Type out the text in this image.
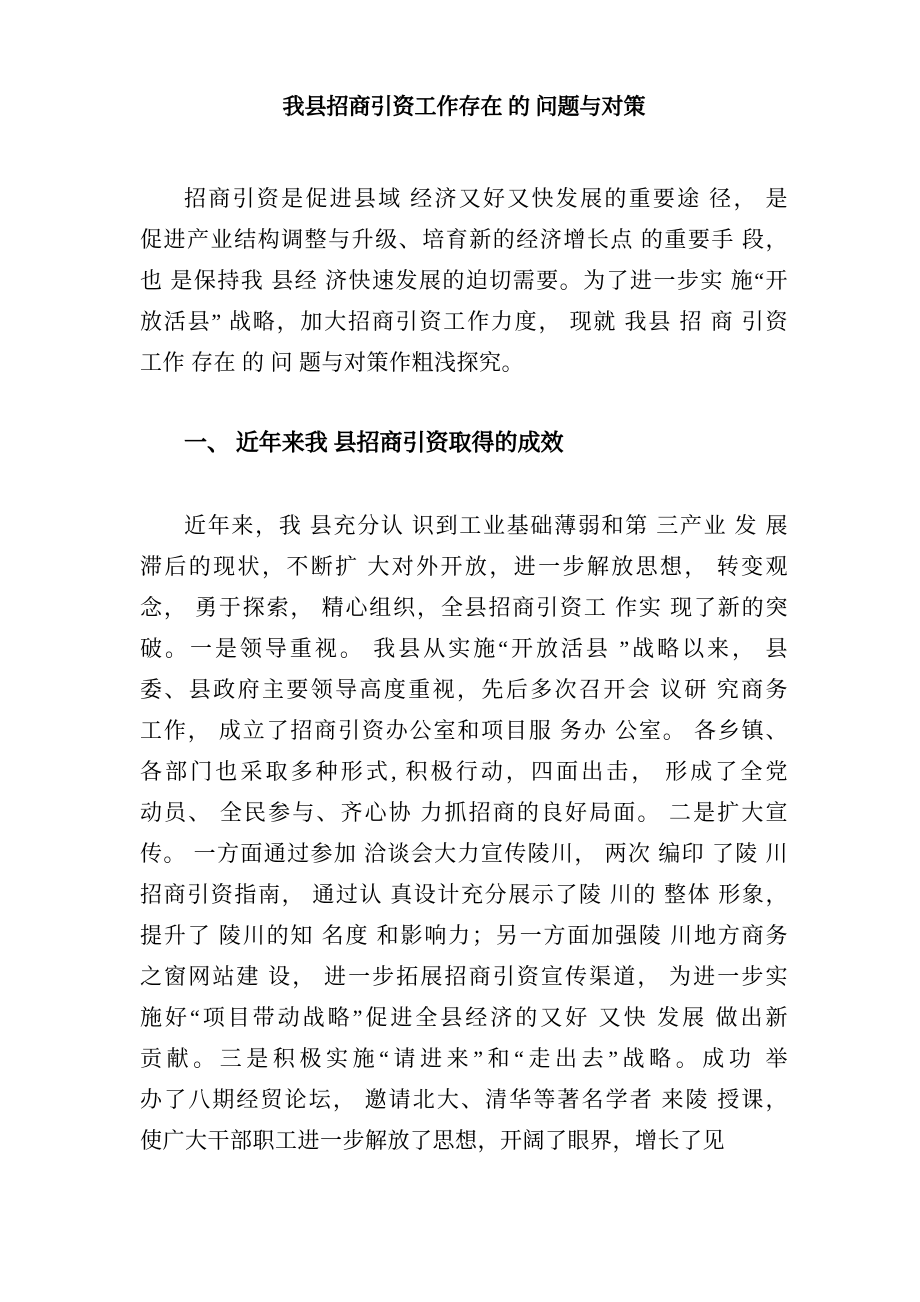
我县招商引资工作存在 的 问题与对策
招商引资是促进县域 经济又好又快发展的重要途 径， 是
促进产业结构调整与升级、培育新的经济增长点 的重要手 段，
也 是保持我 县经 济快速发展的迫切需要。为了进一步实 施“开
放活县” 战略，加大招商引资工作力度， 现就 我县 招 商 引资
工作 存在 的 问 题与对策作粗浅探究。
一、 近年来我 县招商引资取得的成效
近年来，我 县充分认 识到工业基础薄弱和第 三产业 发 展
滞后的现状，不断扩 大对外开放，进一步解放思想， 转变观
念， 勇于探索， 精心组织，全县招商引资工 作实 现了新的突
破。一是领导重视。 我县从实施“开放活县 ”战略以来， 县
委、县政府主要领导高度重视，先后多次召开会 议研 究商务
工作， 成立了招商引资办公室和项目服 务办 公室。 各乡镇、
各部门也采取多种形式, 积极行动，四面出击， 形成了全党
动员、 全民参与、齐心协 力抓招商的良好局面。 二是扩大宣
传。 一方面通过参加 洽谈会大力宣传陵川， 两次 编印 了陵 川
招商引资指南， 通过认 真设计充分展示了陵 川的 整体 形象，
提升了 陵川的知 名度 和影响力；另一方面加强陵 川地方商务
之窗网站建 设， 进一步拓展招商引资宣传渠道， 为进一步实
施好“项目带动战略”促进全县经济的又好 又快 发展 做出新
贡献。三是积极实施“请进来”和“走出去”战略。成功 举
办了八期经贸论坛， 邀请北大、清华等著名学者 来陵 授课，
使广大干部职工进一步解放了思想，开阔了眼界，增长了见
